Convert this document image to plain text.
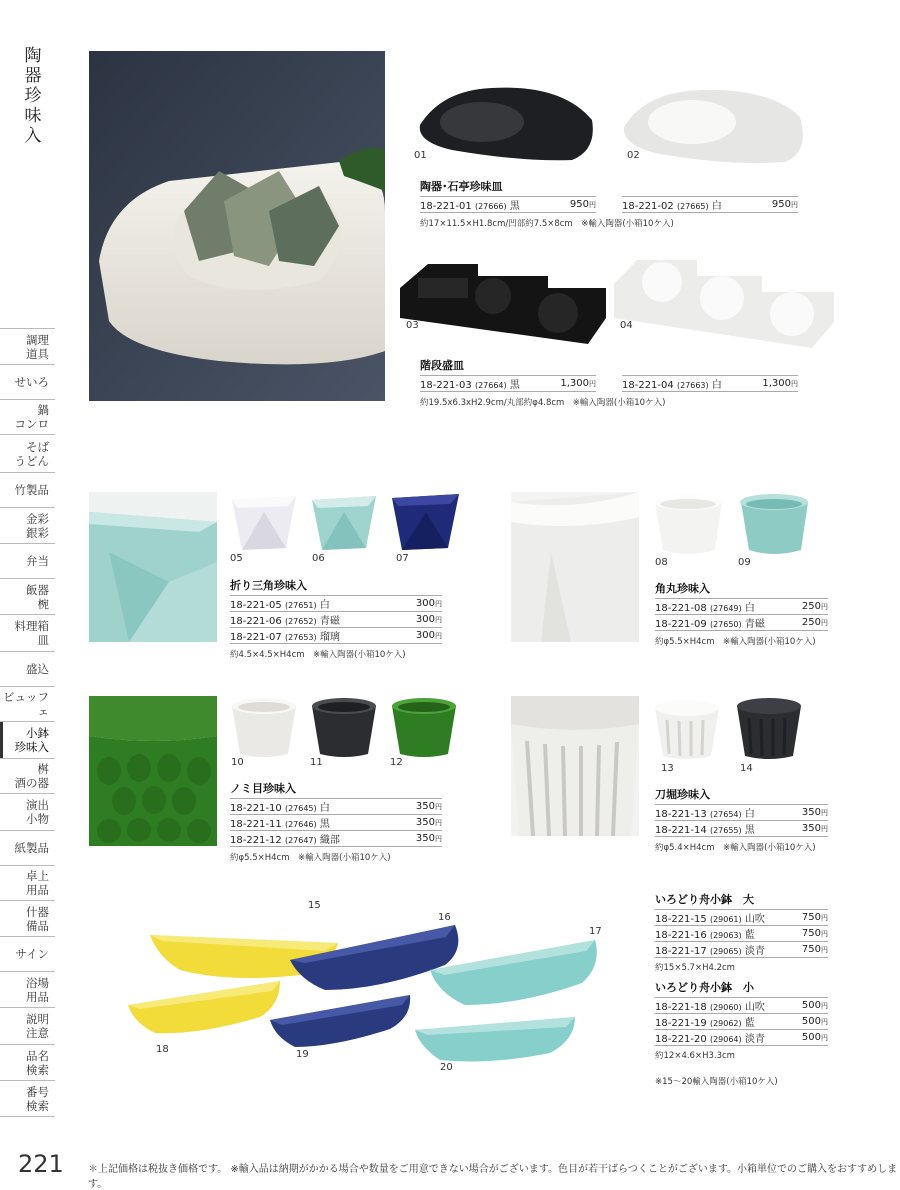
陶
器
珍
味
入
調理
道具
せいろ
鍋
コンロ
そば
うどん
竹製品
金彩
銀彩
弁当
飯器
椀
料理箱
皿
盛込
ビュッフェ
小鉢
珍味入
桝
酒の器
演出
小物
紙製品
卓上
用品
什器
備品
サイン
浴場
用品
説明
注意
品名
検索
番号
検索
221 ＊上記価格は税抜き価格です。 ※輸入品は納期がかかる場合や数量をご用意できない場合がございます。色目が若干ばらつくことがございます。小箱単位でのご購入をおすすめします。
01	02
陶器･石亭珍味皿
18-221-01 (27666) 黒	950円	18-221-02 (27665) 白	950円
約17×11.5×H1.8cm/凹部約7.5×8cm　※輸入陶器(小箱10ケ入)
03	04
階段盛皿
18-221-03 (27664) 黒	1,300円	18-221-04 (27663) 白	1,300円
約19.5x6.3xH2.9cm/丸部約φ4.8cm　※輸入陶器(小箱10ケ入)
05	06	07
折り三角珍味入
18-221-05 (27651) 白	300円
18-221-06 (27652) 青磁	300円
18-221-07 (27653) 瑠璃	300円
約4.5×4.5×H4cm　※輸入陶器(小箱10ケ入)
08	09
角丸珍味入
18-221-08 (27649) 白	250円
18-221-09 (27650) 青磁	250円
約φ5.5×H4cm　※輸入陶器(小箱10ケ入)
10	11	12
ノミ目珍味入
18-221-10 (27645) 白	350円
18-221-11 (27646) 黒	350円
18-221-12 (27647) 織部	350円
約φ5.5×H4cm　※輸入陶器(小箱10ケ入)
13	14
刀堀珍味入
18-221-13 (27654) 白	350円
18-221-14 (27655) 黒	350円
約φ5.4×H4cm　※輸入陶器(小箱10ケ入)
15
16
17
18	19
20
いろどり舟小鉢　大
18-221-15 (29061) 山吹	750円
18-221-16 (29063) 藍	750円
18-221-17 (29065) 淡青	750円
約15×5.7×H4.2cm
いろどり舟小鉢　小
18-221-18 (29060) 山吹	500円
18-221-19 (29062) 藍	500円
18-221-20 (29064) 淡青	500円
約12×4.6×H3.3cm
※15〜20輸入陶器(小箱10ケ入)
